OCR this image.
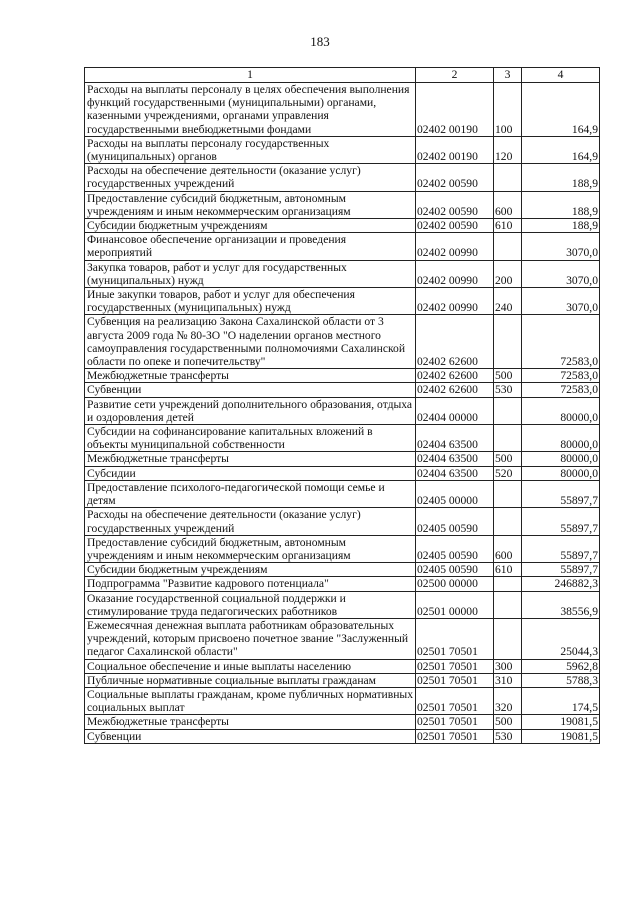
183
1	2	3	4
Расходы на выплаты персоналу в целях обеспечения выполнения функций государственными (муниципальными) органами, казенными учреждениями, органами управления государственными внебюджетными фондами	02402 00190	100	164,9
Расходы на выплаты персоналу государственных (муниципальных) органов	02402 00190	120	164,9
Расходы на обеспечение деятельности (оказание услуг) государственных учреждений	02402 00590		188,9
Предоставление субсидий бюджетным, автономным учреждениям и иным некоммерческим организациям	02402 00590	600	188,9
Субсидии бюджетным учреждениям	02402 00590	610	188,9
Финансовое обеспечение организации и проведения мероприятий	02402 00990		3070,0
Закупка товаров, работ и услуг для государственных (муниципальных) нужд	02402 00990	200	3070,0
Иные закупки товаров, работ и услуг для обеспечения государственных (муниципальных) нужд	02402 00990	240	3070,0
Субвенция на реализацию Закона Сахалинской области от 3 августа 2009 года № 80-ЗО "О наделении органов местного самоуправления государственными полномочиями Сахалинской области по опеке и попечительству"	02402 62600		72583,0
Межбюджетные трансферты	02402 62600	500	72583,0
Субвенции	02402 62600	530	72583,0
Развитие сети учреждений дополнительного образования, отдыха и оздоровления детей	02404 00000		80000,0
Субсидии на софинансирование капитальных вложений в объекты муниципальной собственности	02404 63500		80000,0
Межбюджетные трансферты	02404 63500	500	80000,0
Субсидии	02404 63500	520	80000,0
Предоставление психолого-педагогической помощи семье и детям	02405 00000		55897,7
Расходы на обеспечение деятельности (оказание услуг) государственных учреждений	02405 00590		55897,7
Предоставление субсидий бюджетным, автономным учреждениям и иным некоммерческим организациям	02405 00590	600	55897,7
Субсидии бюджетным учреждениям	02405 00590	610	55897,7
Подпрограмма "Развитие кадрового потенциала"	02500 00000		246882,3
Оказание государственной социальной поддержки и стимулирование труда педагогических работников	02501 00000		38556,9
Ежемесячная денежная выплата работникам образовательных учреждений, которым присвоено почетное звание "Заслуженный педагог Сахалинской области"	02501 70501		25044,3
Социальное обеспечение и иные выплаты населению	02501 70501	300	5962,8
Публичные нормативные социальные выплаты гражданам	02501 70501	310	5788,3
Социальные выплаты гражданам, кроме публичных нормативных социальных выплат	02501 70501	320	174,5
Межбюджетные трансферты	02501 70501	500	19081,5
Субвенции	02501 70501	530	19081,5
